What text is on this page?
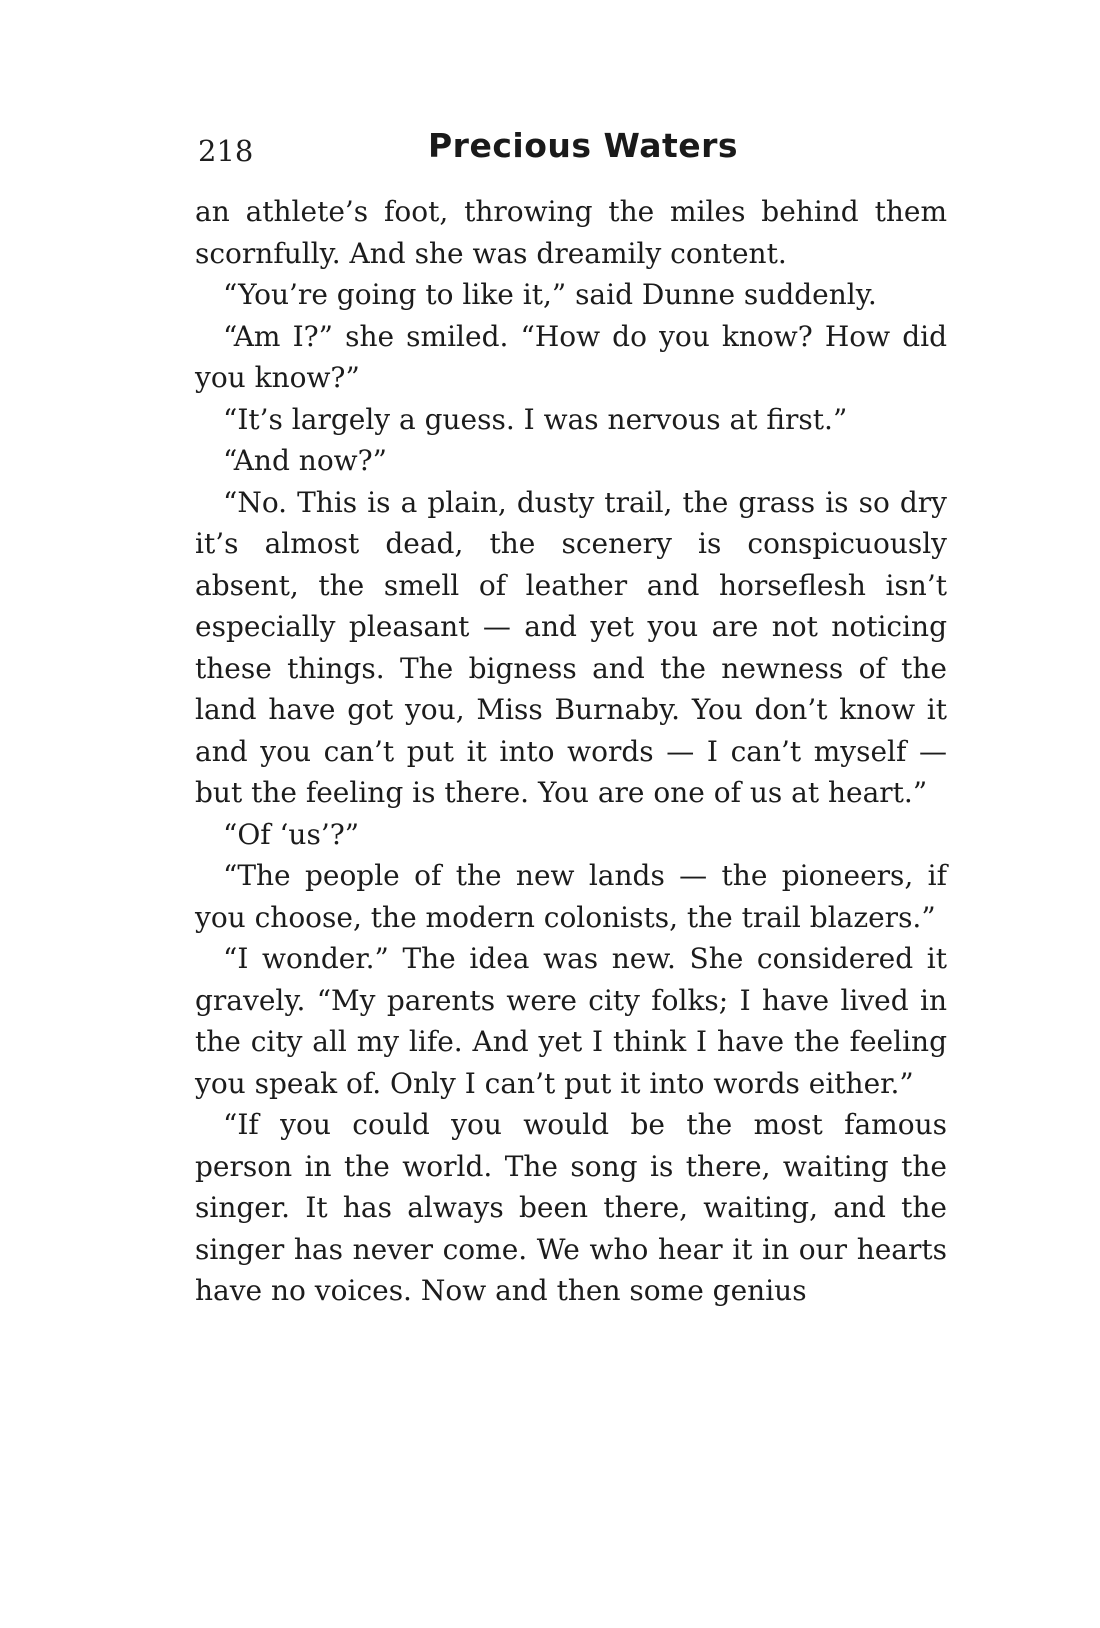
218	Precious Waters

an athlete’s foot, throwing the miles behind them scornfully. And she was dreamily content.

“You’re going to like it,” said Dunne suddenly.

“Am I?” she smiled. “How do you know? How did you know?”

“It’s largely a guess. I was nervous at first.”

“And now?”

“No. This is a plain, dusty trail, the grass is so dry it’s almost dead, the scenery is conspicuously absent, the smell of leather and horseflesh isn’t especially pleasant — and yet you are not noticing these things. The bigness and the newness of the land have got you, Miss Burnaby. You don’t know it and you can’t put it into words — I can’t myself — but the feeling is there. You are one of us at heart.”

“Of ‘us’?”

“The people of the new lands — the pioneers, if you choose, the modern colonists, the trail blazers.”

“I wonder.” The idea was new. She considered it gravely. “My parents were city folks; I have lived in the city all my life. And yet I think I have the feeling you speak of. Only I can’t put it into words either.”

“If you could you would be the most famous person in the world. The song is there, waiting the singer. It has always been there, waiting, and the singer has never come. We who hear it in our hearts have no voices. Now and then some genius
